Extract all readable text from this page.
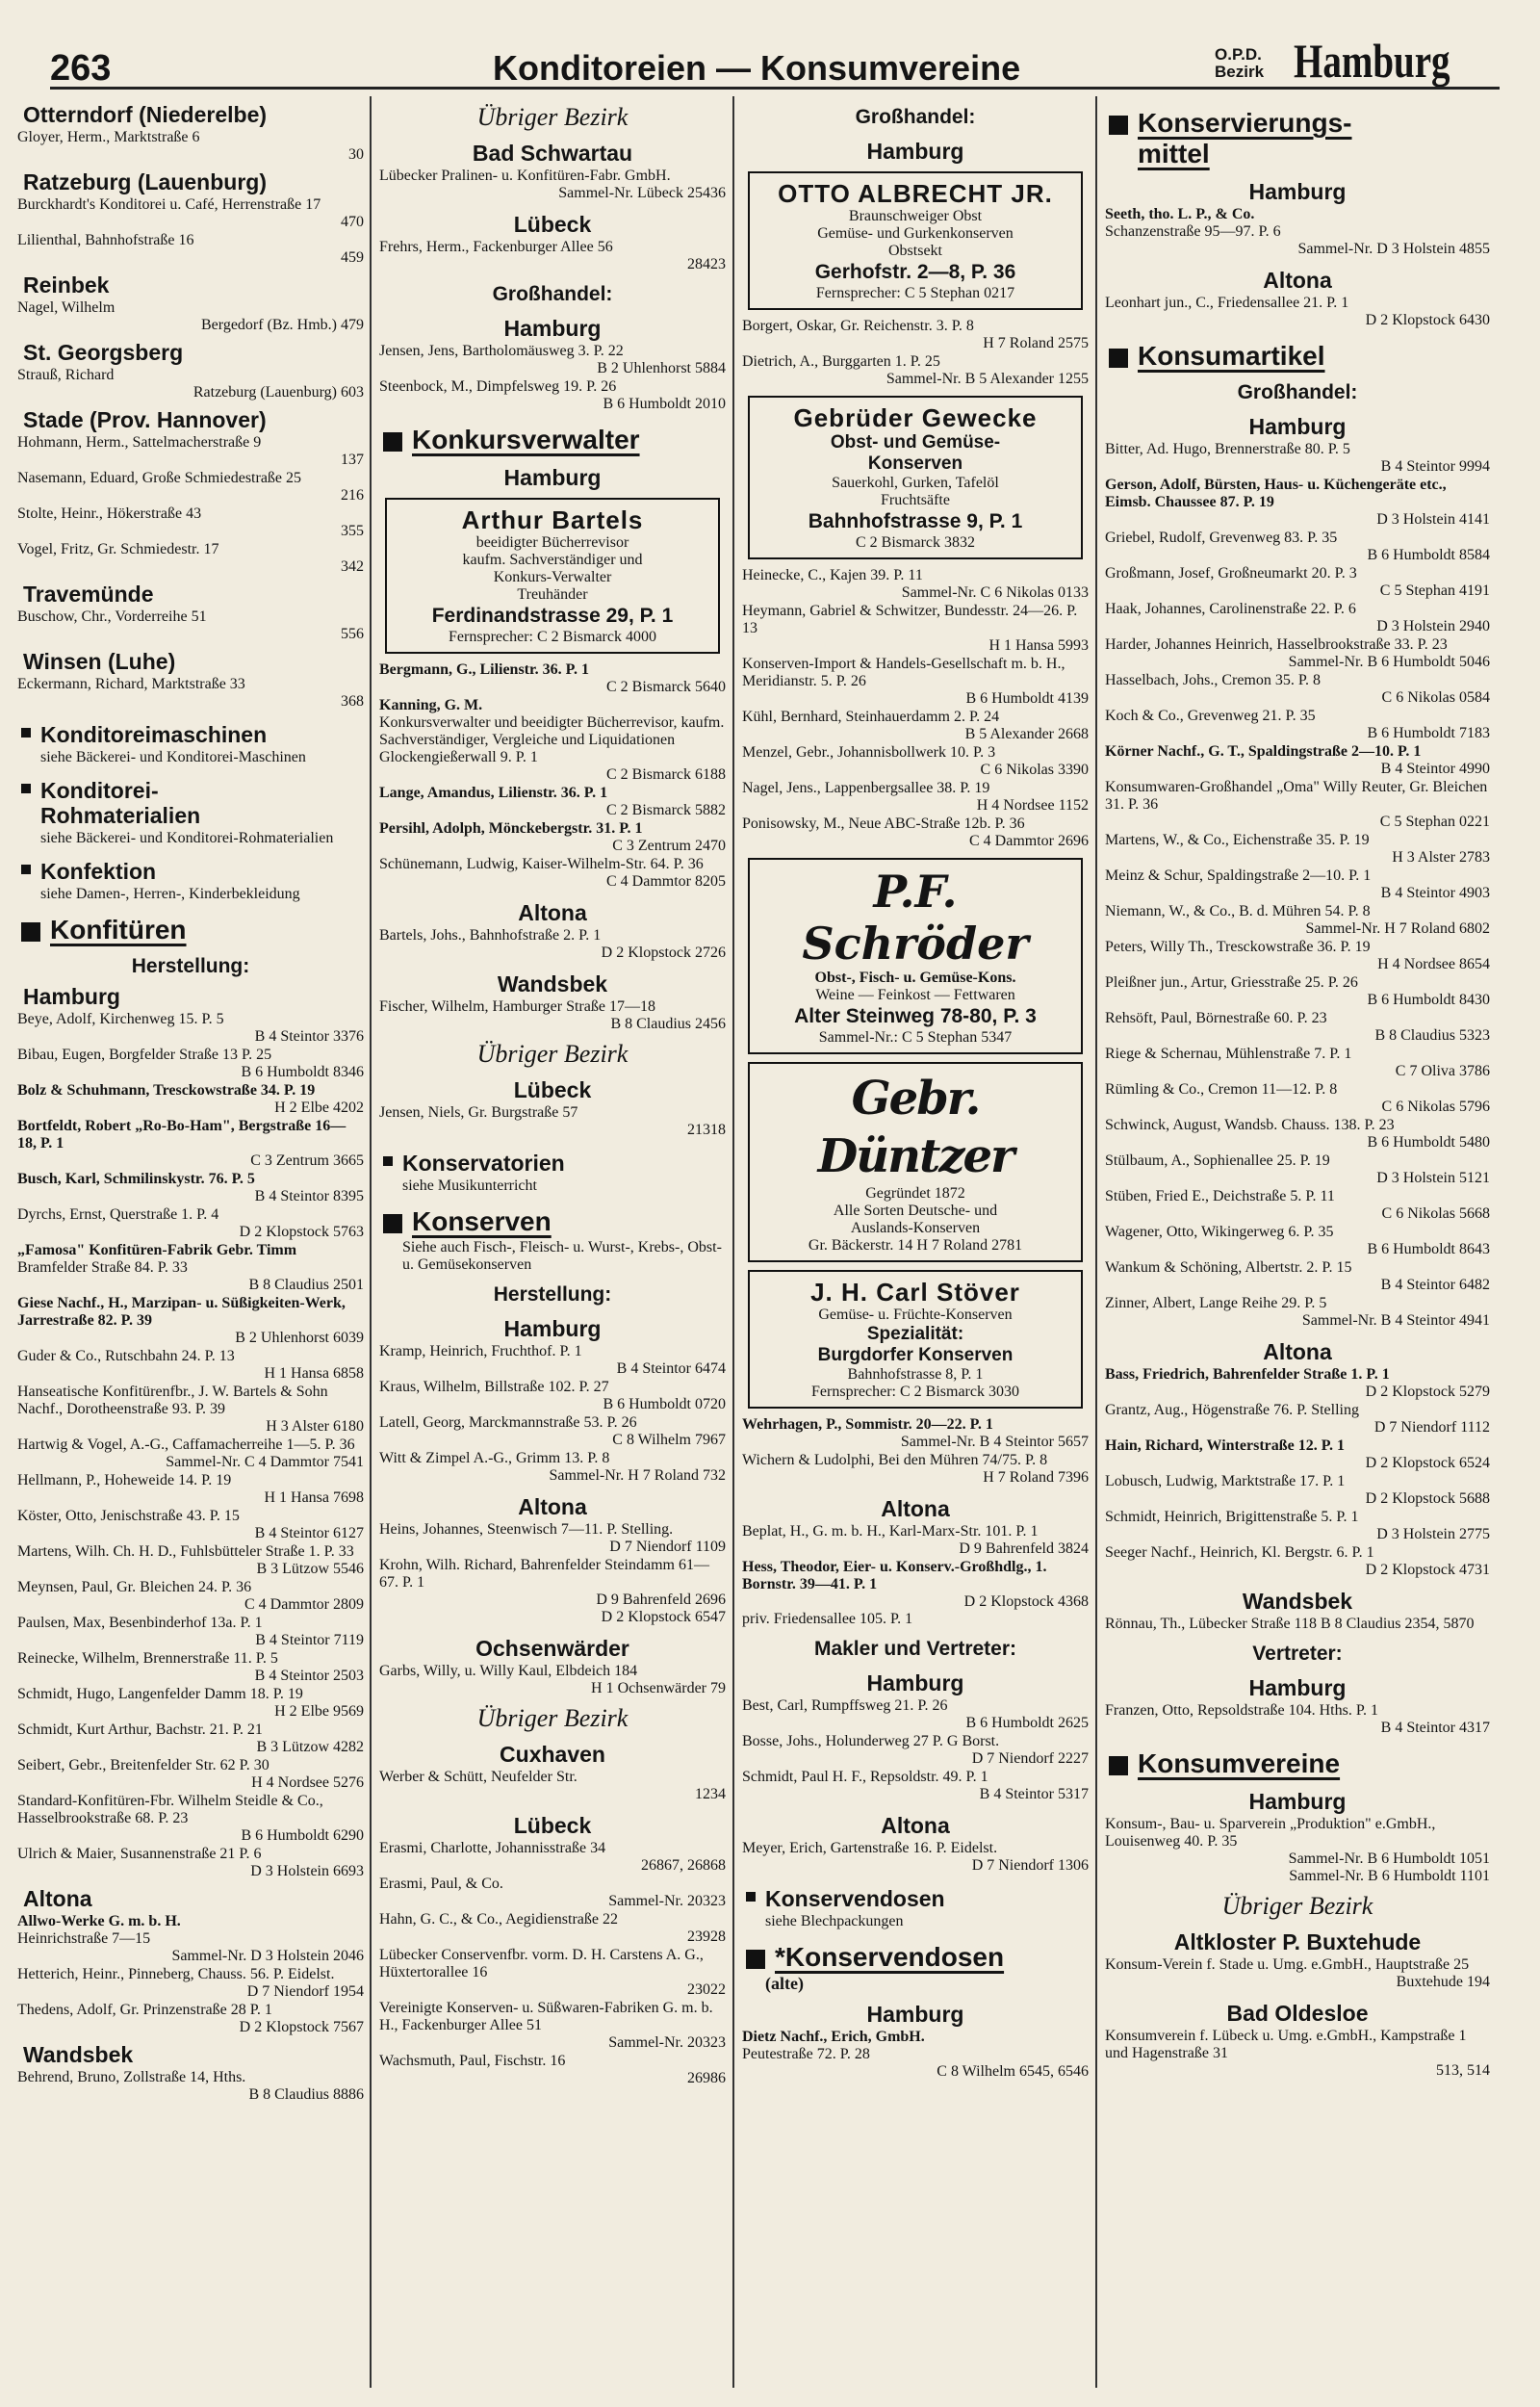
263	Konditoreien — Konsumvereine	O.P.D.
Bezirk Hamburg
Otterndorf (Niederelbe)
Gloyer, Herm., Marktstraße 6
30
Ratzeburg (Lauenburg)
Burckhardt's Konditorei u. Café, Herrenstraße 17
470
Lilienthal, Bahnhofstraße 16
459
Reinbek
Nagel, Wilhelm
Bergedorf (Bz. Hmb.) 479
St. Georgsberg
Strauß, Richard
Ratzeburg (Lauenburg) 603
Stade (Prov. Hannover)
Hohmann, Herm., Sattelmacherstraße 9
137
Nasemann, Eduard, Große Schmiedestraße 25
216
Stolte, Heinr., Hökerstraße 43
355
Vogel, Fritz, Gr. Schmiedestr. 17
342
Travemünde
Buschow, Chr., Vorderreihe 51
556
Winsen (Luhe)
Eckermann, Richard, Marktstraße 33
368
Konditoreimaschinen
siehe Bäckerei- und Konditorei-Maschinen
Konditorei-
Rohmaterialien
siehe Bäckerei- und Konditorei-Rohmaterialien
Konfektion
siehe Damen-, Herren-, Kinderbekleidung
Konfitüren
Herstellung:
Hamburg
Beye, Adolf, Kirchenweg 15. P. 5
B 4 Steintor 3376
Bibau, Eugen, Borgfelder Straße 13 P. 25
B 6 Humboldt 8346
Bolz & Schuhmann, Tresckowstraße 34. P. 19
H 2 Elbe 4202
Bortfeldt, Robert „Ro-Bo-Ham", Bergstraße 16—18, P. 1
C 3 Zentrum 3665
Busch, Karl, Schmilinskystr. 76. P. 5
B 4 Steintor 8395
Dyrchs, Ernst, Querstraße 1. P. 4
D 2 Klopstock 5763
„Famosa" Konfitüren-Fabrik Gebr. Timm
Bramfelder Straße 84. P. 33
B 8 Claudius 2501
Giese Nachf., H., Marzipan- u. Süßigkeiten-Werk, Jarrestraße 82. P. 39
B 2 Uhlenhorst 6039
Guder & Co., Rutschbahn 24. P. 13
H 1 Hansa 6858
Hanseatische Konfitürenfbr., J. W. Bartels & Sohn Nachf., Dorotheenstraße 93. P. 39
H 3 Alster 6180
Hartwig & Vogel, A.-G., Caffamacherreihe 1—5. P. 36
Sammel-Nr. C 4 Dammtor 7541
Hellmann, P., Hoheweide 14. P. 19
H 1 Hansa 7698
Köster, Otto, Jenischstraße 43. P. 15
B 4 Steintor 6127
Martens, Wilh. Ch. H. D., Fuhlsbütteler Straße 1. P. 33
B 3 Lützow 5546
Meynsen, Paul, Gr. Bleichen 24. P. 36
C 4 Dammtor 2809
Paulsen, Max, Besenbinderhof 13a. P. 1
B 4 Steintor 7119
Reinecke, Wilhelm, Brennerstraße 11. P. 5
B 4 Steintor 2503
Schmidt, Hugo, Langenfelder Damm 18. P. 19
H 2 Elbe 9569
Schmidt, Kurt Arthur, Bachstr. 21. P. 21
B 3 Lützow 4282
Seibert, Gebr., Breitenfelder Str. 62 P. 30
H 4 Nordsee 5276
Standard-Konfitüren-Fbr. Wilhelm Steidle & Co., Hasselbrookstraße 68. P. 23
B 6 Humboldt 6290
Ulrich & Maier, Susannenstraße 21 P. 6
D 3 Holstein 6693
Altona
Allwo-Werke G. m. b. H.
Heinrichstraße 7—15
Sammel-Nr. D 3 Holstein 2046
Hetterich, Heinr., Pinneberg, Chauss. 56. P. Eidelst.
D 7 Niendorf 1954
Thedens, Adolf, Gr. Prinzenstraße 28 P. 1
D 2 Klopstock 7567
Wandsbek
Behrend, Bruno, Zollstraße 14, Hths.
B 8 Claudius 8886
Übriger Bezirk
Bad Schwartau
Lübecker Pralinen- u. Konfitüren-Fabr. GmbH.
Sammel-Nr. Lübeck 25436
Lübeck
Frehrs, Herm., Fackenburger Allee 56
28423
Großhandel:
Hamburg
Jensen, Jens, Bartholomäusweg 3. P. 22
B 2 Uhlenhorst 5884
Steenbock, M., Dimpfelsweg 19. P. 26
B 6 Humboldt 2010
Konkursverwalter
Hamburg
Arthur Bartels
beeidigter Bücherrevisor
kaufm. Sachverständiger und
Konkurs-Verwalter
Treuhänder
Ferdinandstrasse 29, P. 1
Fernsprecher: C 2 Bismarck 4000
Bergmann, G., Lilienstr. 36. P. 1
C 2 Bismarck 5640
Kanning, G. M.
Konkursverwalter und beeidigter Bücherrevisor, kaufm. Sachverständiger, Vergleiche und Liquidationen Glockengießerwall 9. P. 1
C 2 Bismarck 6188
Lange, Amandus, Lilienstr. 36. P. 1
C 2 Bismarck 5882
Persihl, Adolph, Mönckebergstr. 31. P. 1
C 3 Zentrum 2470
Schünemann, Ludwig, Kaiser-Wilhelm-Str. 64. P. 36
C 4 Dammtor 8205
Altona
Bartels, Johs., Bahnhofstraße 2. P. 1
D 2 Klopstock 2726
Wandsbek
Fischer, Wilhelm, Hamburger Straße 17—18
B 8 Claudius 2456
Übriger Bezirk
Lübeck
Jensen, Niels, Gr. Burgstraße 57
21318
Konservatorien
siehe Musikunterricht
Konserven
Siehe auch Fisch-, Fleisch- u. Wurst-, Krebs-, Obst- u. Gemüsekonserven
Herstellung:
Hamburg
Kramp, Heinrich, Fruchthof. P. 1
B 4 Steintor 6474
Kraus, Wilhelm, Billstraße 102. P. 27
B 6 Humboldt 0720
Latell, Georg, Marckmannstraße 53. P. 26
C 8 Wilhelm 7967
Witt & Zimpel A.-G., Grimm 13. P. 8
Sammel-Nr. H 7 Roland 732
Altona
Heins, Johannes, Steenwisch 7—11. P. Stelling.
D 7 Niendorf 1109
Krohn, Wilh. Richard, Bahrenfelder Steindamm 61—67. P. 1
D 9 Bahrenfeld 2696
D 2 Klopstock 6547
Ochsenwärder
Garbs, Willy, u. Willy Kaul, Elbdeich 184
H 1 Ochsenwärder 79
Übriger Bezirk
Cuxhaven
Werber & Schütt, Neufelder Str.
1234
Lübeck
Erasmi, Charlotte, Johannisstraße 34
26867, 26868
Erasmi, Paul, & Co.
Sammel-Nr. 20323
Hahn, G. C., & Co., Aegidienstraße 22
23928
Lübecker Conservenfbr. vorm. D. H. Carstens A. G., Hüxtertorallee 16
23022
Vereinigte Konserven- u. Süßwaren-Fabriken G. m. b. H., Fackenburger Allee 51
Sammel-Nr. 20323
Wachsmuth, Paul, Fischstr. 16
26986
Großhandel:
Hamburg
OTTO ALBRECHT JR.
Braunschweiger Obst
Gemüse- und Gurkenkonserven
Obstsekt
Gerhofstr. 2—8, P. 36
Fernsprecher: C 5 Stephan 0217
Borgert, Oskar, Gr. Reichenstr. 3. P. 8
H 7 Roland 2575
Dietrich, A., Burggarten 1. P. 25
Sammel-Nr. B 5 Alexander 1255
Gebrüder Gewecke
Obst- und Gemüse-
Konserven
Sauerkohl, Gurken, Tafelöl
Fruchtsäfte
Bahnhofstrasse 9, P. 1
C 2 Bismarck 3832
Heinecke, C., Kajen 39. P. 11
Sammel-Nr. C 6 Nikolas 0133
Heymann, Gabriel & Schwitzer, Bundesstr. 24—26. P. 13
H 1 Hansa 5993
Konserven-Import & Handels-Gesellschaft m. b. H., Meridianstr. 5. P. 26
B 6 Humboldt 4139
Kühl, Bernhard, Steinhauerdamm 2. P. 24
B 5 Alexander 2668
Menzel, Gebr., Johannisbollwerk 10. P. 3
C 6 Nikolas 3390
Nagel, Jens., Lappenbergsallee 38. P. 19
H 4 Nordsee 1152
Ponisowsky, M., Neue ABC-Straße 12b. P. 36
C 4 Dammtor 2696
P.F. Schröder
Obst-, Fisch- u. Gemüse-Kons.
Weine — Feinkost — Fettwaren
Alter Steinweg 78-80, P. 3
Sammel-Nr.: C 5 Stephan 5347
Gebr. Düntzer
Gegründet 1872
Alle Sorten Deutsche- und
Auslands-Konserven
Gr. Bäckerstr. 14 H 7 Roland 2781
J. H. Carl Stöver
Gemüse- u. Früchte-Konserven
Spezialität:
Burgdorfer Konserven
Bahnhofstrasse 8, P. 1
Fernsprecher: C 2 Bismarck 3030
Wehrhagen, P., Sommistr. 20—22. P. 1
Sammel-Nr. B 4 Steintor 5657
Wichern & Ludolphi, Bei den Mühren 74/75. P. 8
H 7 Roland 7396
Altona
Beplat, H., G. m. b. H., Karl-Marx-Str. 101. P. 1
D 9 Bahrenfeld 3824
Hess, Theodor, Eier- u. Konserv.-Großhdlg., 1. Bornstr. 39—41. P. 1
D 2 Klopstock 4368
priv. Friedensallee 105. P. 1
Makler und Vertreter:
Hamburg
Best, Carl, Rumpffsweg 21. P. 26
B 6 Humboldt 2625
Bosse, Johs., Holunderweg 27 P. G Borst.
D 7 Niendorf 2227
Schmidt, Paul H. F., Repsoldstr. 49. P. 1
B 4 Steintor 5317
Altona
Meyer, Erich, Gartenstraße 16. P. Eidelst.
D 7 Niendorf 1306
Konservendosen
siehe Blechpackungen
*Konservendosen
(alte)
Hamburg
Dietz Nachf., Erich, GmbH.
Peutestraße 72. P. 28
C 8 Wilhelm 6545, 6546
Konservierungs-
mittel
Hamburg
Seeth, tho. L. P., & Co.
Schanzenstraße 95—97. P. 6
Sammel-Nr. D 3 Holstein 4855
Altona
Leonhart jun., C., Friedensallee 21. P. 1
D 2 Klopstock 6430
Konsumartikel
Großhandel:
Hamburg
Bitter, Ad. Hugo, Brennerstraße 80. P. 5
B 4 Steintor 9994
Gerson, Adolf, Bürsten, Haus- u. Küchengeräte etc., Eimsb. Chaussee 87. P. 19
D 3 Holstein 4141
Griebel, Rudolf, Grevenweg 83. P. 35
B 6 Humboldt 8584
Großmann, Josef, Großneumarkt 20. P. 3
C 5 Stephan 4191
Haak, Johannes, Carolinenstraße 22. P. 6
D 3 Holstein 2940
Harder, Johannes Heinrich, Hasselbrookstraße 33. P. 23
Sammel-Nr. B 6 Humboldt 5046
Hasselbach, Johs., Cremon 35. P. 8
C 6 Nikolas 0584
Koch & Co., Grevenweg 21. P. 35
B 6 Humboldt 7183
Körner Nachf., G. T., Spaldingstraße 2—10. P. 1
B 4 Steintor 4990
Konsumwaren-Großhandel „Oma" Willy Reuter, Gr. Bleichen 31. P. 36
C 5 Stephan 0221
Martens, W., & Co., Eichenstraße 35. P. 19
H 3 Alster 2783
Meinz & Schur, Spaldingstraße 2—10. P. 1
B 4 Steintor 4903
Niemann, W., & Co., B. d. Mühren 54. P. 8
Sammel-Nr. H 7 Roland 6802
Peters, Willy Th., Tresckowstraße 36. P. 19
H 4 Nordsee 8654
Pleißner jun., Artur, Griesstraße 25. P. 26
B 6 Humboldt 8430
Rehsöft, Paul, Börnestraße 60. P. 23
B 8 Claudius 5323
Riege & Schernau, Mühlenstraße 7. P. 1
C 7 Oliva 3786
Rümling & Co., Cremon 11—12. P. 8
C 6 Nikolas 5796
Schwinck, August, Wandsb. Chauss. 138. P. 23
B 6 Humboldt 5480
Stülbaum, A., Sophienallee 25. P. 19
D 3 Holstein 5121
Stüben, Fried E., Deichstraße 5. P. 11
C 6 Nikolas 5668
Wagener, Otto, Wikingerweg 6. P. 35
B 6 Humboldt 8643
Wankum & Schöning, Albertstr. 2. P. 15
B 4 Steintor 6482
Zinner, Albert, Lange Reihe 29. P. 5
Sammel-Nr. B 4 Steintor 4941
Altona
Bass, Friedrich, Bahrenfelder Straße 1. P. 1
D 2 Klopstock 5279
Grantz, Aug., Högenstraße 76. P. Stelling
D 7 Niendorf 1112
Hain, Richard, Winterstraße 12. P. 1
D 2 Klopstock 6524
Lobusch, Ludwig, Marktstraße 17. P. 1
D 2 Klopstock 5688
Schmidt, Heinrich, Brigittenstraße 5. P. 1
D 3 Holstein 2775
Seeger Nachf., Heinrich, Kl. Bergstr. 6. P. 1
D 2 Klopstock 4731
Wandsbek
Rönnau, Th., Lübecker Straße 118 B 8 Claudius 2354, 5870
Vertreter:
Hamburg
Franzen, Otto, Repsoldstraße 104. Hths. P. 1
B 4 Steintor 4317
Konsumvereine
Hamburg
Konsum-, Bau- u. Sparverein „Produktion" e.GmbH., Louisenweg 40. P. 35
Sammel-Nr. B 6 Humboldt 1051
Sammel-Nr. B 6 Humboldt 1101
Übriger Bezirk
Altkloster P. Buxtehude
Konsum-Verein f. Stade u. Umg. e.GmbH., Hauptstraße 25
Buxtehude 194
Bad Oldesloe
Konsumverein f. Lübeck u. Umg. e.GmbH., Kampstraße 1 und Hagenstraße 31
513, 514
